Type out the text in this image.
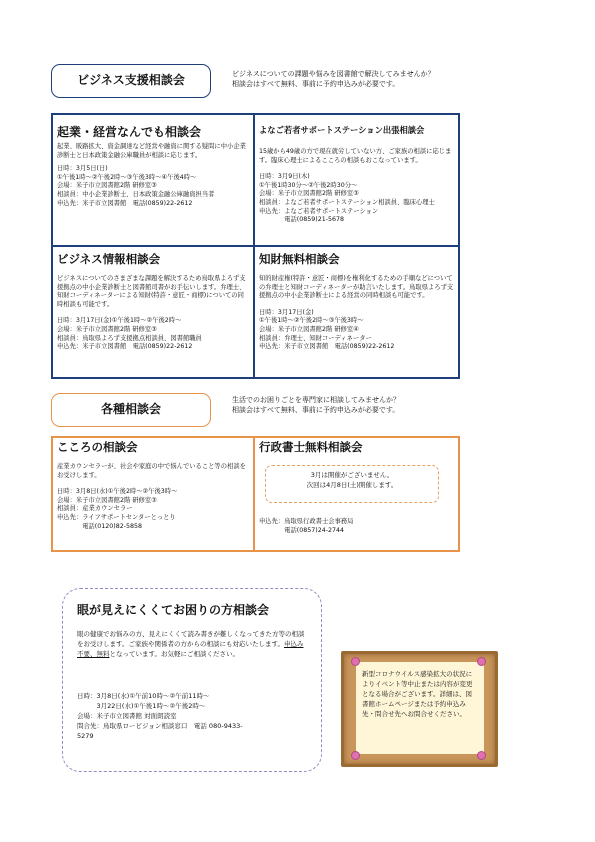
ビジネス支援相談会	ビジネスについての課題や悩みを図書館で解決してみませんか？
相談会はすべて無料、事前に予約申込みが必要です。
起業・経営なんでも相談会

起業、販路拡大、資金調達など経営や融資に関する疑問に中小企業診断士と日本政策金融公庫職員が相談に応じます。

日時：3月5日(日)
①午後1時～②午後2時～③午後3時～④午後4時～
会場：米子市立図書館2階 研修室③
相談員：中小企業診断士、日本政策金融公庫融資担当者
申込先：米子市立図書館　電話(0859)22-2612
よなご若者サポートステーション出張相談会

15歳から49歳の方で現在就労していない方、ご家族の相談に応じます。臨床心理士によるこころの相談もおこなっています。

日時：3月9日(木)
①午後1時30分～②午後2時30分～
会場：米子市立図書館2階 研修室③
相談員：よなご若者サポートステーション相談員、臨床心理士
申込先：よなご若者サポートステーション
　　　　電話(0859)21-5678
ビジネス情報相談会

ビジネスについてのさまざまな課題を解決するため鳥取県よろず支援拠点の中小企業診断士と図書館司書がお手伝いします。弁理士、知財コーディネーターによる知財(特許・意匠・商標)についての同時相談も可能です。

日時：3月17日(金)①午後1時～②午後2時～
会場：米子市立図書館2階 研修室③
相談員：鳥取県よろず支援拠点相談員、図書館職員
申込先：米子市立図書館　電話(0859)22-2612
知財無料相談会

知的財産権(特許・意匠・商標)を権利化するための手順などについての弁理士と知財コーディネーターが助言いたします。鳥取県よろず支援拠点の中小企業診断士による経営の同時相談も可能です。

日時：3月17日(金)
①午後1時～②午後2時～③午後3時～
会場：米子市立図書館2階 研修室④
相談員：弁理士、知財コーディネーター
申込先：米子市立図書館　電話(0859)22-2612
各種相談会
生活でのお困りごとを専門家に相談してみませんか？
相談会はすべて無料、事前に予約申込みが必要です。
こころの相談会

産業カウンセラーが、社会や家庭の中で悩んでいること等の相談をお受けします。

日時：3月8日(水)①午後2時～②午後3時～
会場：米子市立図書館2階 研修室③
相談員：産業カウンセラー
申込先：ライフサポートセンターとっとり
　　　　電話(0120)82-5858
行政書士無料相談会
3月は開催がございません。
次回は4月8日(土)開催します。
申込先：鳥取県行政書士会事務局
　　　　電話(0857)24-2744
眼が見えにくくてお困りの方相談会
眼の健康でお悩みの方、見えにくくて読み書きが難しくなってきた方等の相談をお受けします。ご家族や関係者の方からの相談にも対応いたします。申込み不要、無料となっています。お気軽にご相談ください。
日時：3月8日(水)①午前10時～②午前11時～
　　　3月22日(水)①午後1時～②午後2時～
会場：米子市立図書館 対面朗読室
問合先：鳥取県ロービジョン相談窓口　電話 080-9433-
5279
新型コロナウイルス感染拡大の状況によりイベント等中止または内容が変更となる場合がございます。詳細は、図書館ホームページまたは予約申込み先・問合せ先へお問合せください。
